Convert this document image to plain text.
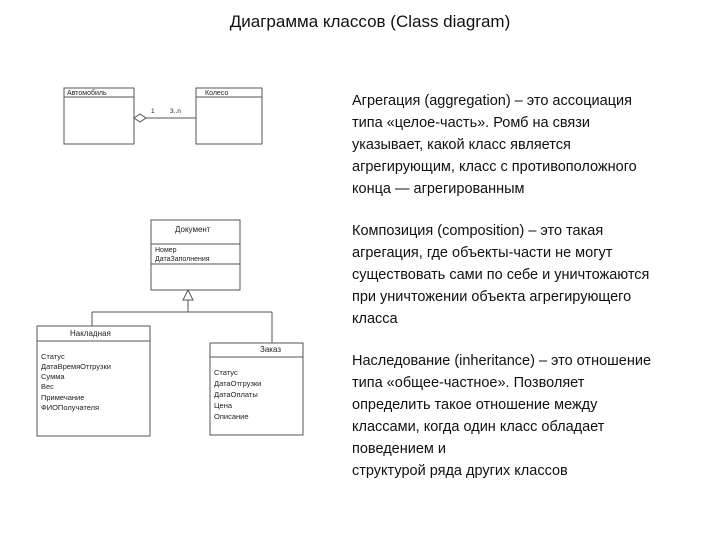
Диаграмма классов (Class diagram)
Автомобиль	Колесо
1 3..n
Документ
Номер
ДатаЗаполнения
Накладная
Статус
ДатаВремяОтгрузки
Сумма
Вес
Примечание
ФИОПолучателя
Заказ
Статус
ДатаОтгрузки
ДатаОплаты
Цена
Описание

Агрегация (aggregation) – это ассоциация

типа «целое-часть». Ромб на связи

указывает, какой класс является

агрегирующим, класс с противоположного

конца — агрегированным

Композиция (composition) – это такая

агрегация, где объекты-части не могут

существовать сами по себе и уничтожаются

при уничтожении объекта агрегирующего

класса

Наследование (inheritance) – это отношение

типа «общее-частное». Позволяет

определить такое отношение между

классами, когда один класс обладает

поведением и

структурой ряда других классов
